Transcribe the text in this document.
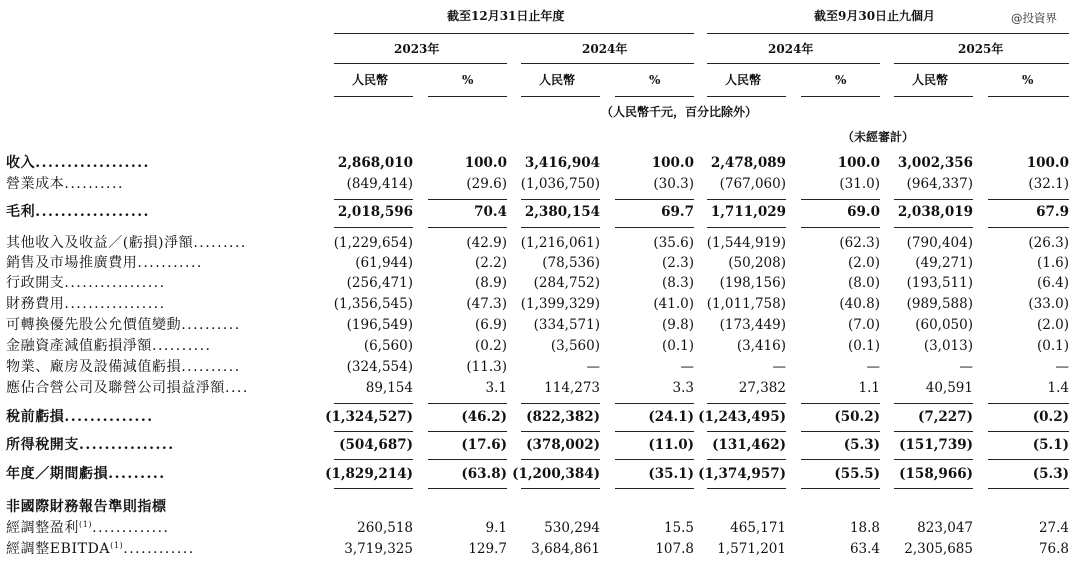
@投資界
截至12月31日止年度	截至9月30日止九個月
2023年	2024年	2024年	2025年
人民幣	%	人民幣	%	人民幣	%	人民幣	%
（人民幣千元，百分比除外）
（未經審計）
收入..................	2,868,010	100.0 3,416,904	100.0 2,478,089	100.0 3,002,356	100.0
營業成本..........	(849,414)	(29.6) (1,036,750)	(30.3) (767,060)	(31.0) (964,337)	(32.1)
毛利..................	2,018,596	70.4 2,380,154	69.7 1,711,029	69.0 2,038,019	67.9
其他收入及收益／(虧損)淨額.........	(1,229,654)	(42.9) (1,216,061)	(35.6) (1,544,919)	(62.3) (790,404)	(26.3)
銷售及市場推廣費用...........	(61,944)	(2.2)	(78,536)	(2.3)	(50,208)	(2.0)	(49,271)	(1.6)
行政開支.................	(256,471)	(8.9) (284,752)	(8.3) (198,156)	(8.0) (193,511)	(6.4)
財務費用.................	(1,356,545)	(47.3) (1,399,329)	(41.0) (1,011,758)	(40.8) (989,588)	(33.0)
可轉換優先股公允價值變動..........	(196,549)	(6.9) (334,571)	(9.8) (173,449)	(7.0)	(60,050)	(2.0)
金融資產減值虧損淨額..........	(6,560)	(0.2)	(3,560)	(0.1)	(3,416)	(0.1)	(3,013)	(0.1)
物業、廠房及設備減值虧損..........	(324,554)	(11.3)	—	—	—	—	—	—
應佔合營公司及聯營公司損益淨額....	89,154	3.1	114,273	3.3	27,382	1.1	40,591	1.4
稅前虧損..............	(1,324,527)	(46.2) (822,382)	(24.1) (1,243,495)	(50.2)	(7,227)	(0.2)
所得稅開支...............	(504,687)	(17.6) (378,002)	(11.0) (131,462)	(5.3) (151,739)	(5.1)
年度／期間虧損.........	(1,829,214)	(63.8) (1,200,384)	(35.1) (1,374,957)	(55.5) (158,966)	(5.3)
非國際財務報告準則指標
經調整盈利$^{(1)}$.............	260,518	9.1	530,294	15.5	465,171	18.8	823,047	27.4
經調整EBITDA$^{(1)}$............	3,719,325	129.7 3,684,861	107.8 1,571,201	63.4 2,305,685	76.8
